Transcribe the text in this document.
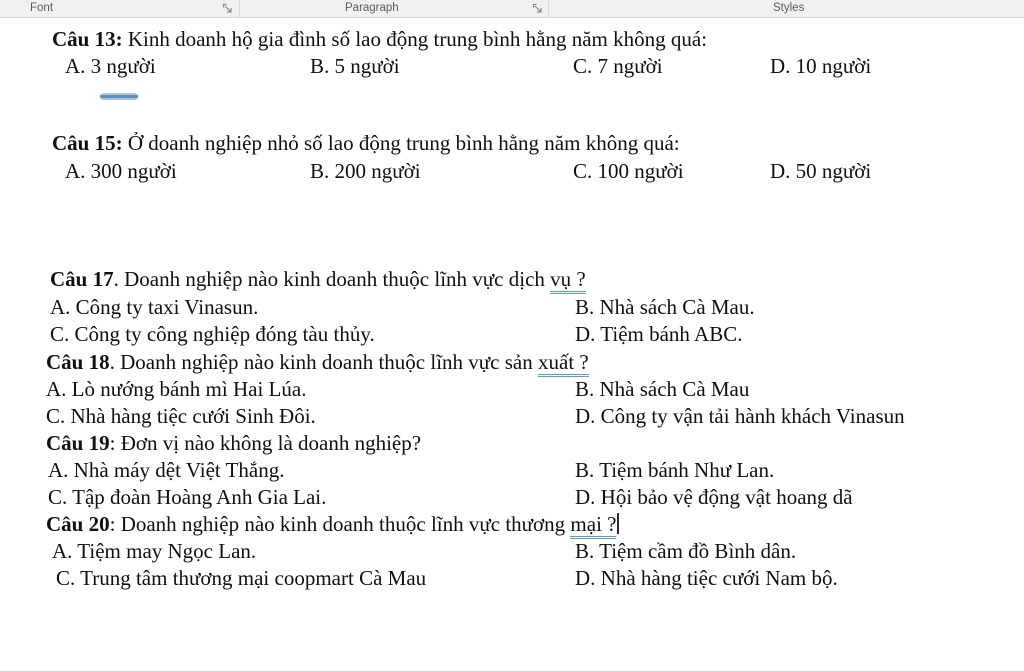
Font	Paragraph	Styles
Câu 13: Kinh doanh hộ gia đình số lao động trung bình hằng năm không quá:
A. 3 người	B. 5 người	C. 7 người	D. 10 người
Câu 15: Ở doanh nghiệp nhỏ số lao động trung bình hằng năm không quá:
A. 300 người	B. 200 người	C. 100 người	D. 50 người
Câu 17. Doanh nghiệp nào kinh doanh thuộc lĩnh vực dịch vụ ?
A. Công ty taxi Vinasun.	B. Nhà sách Cà Mau.
C. Công ty công nghiệp đóng tàu thủy.	D. Tiệm bánh ABC.
Câu 18. Doanh nghiệp nào kinh doanh thuộc lĩnh vực sản xuất ?
A. Lò nướng bánh mì Hai Lúa.	B. Nhà sách Cà Mau
C. Nhà hàng tiệc cưới Sinh Đôi.	D. Công ty vận tải hành khách Vinasun
Câu 19: Đơn vị nào không là doanh nghiệp?
A. Nhà máy dệt Việt Thắng.	B. Tiệm bánh Như Lan.
C. Tập đoàn Hoàng Anh Gia Lai.	D. Hội bảo vệ động vật hoang dã
Câu 20: Doanh nghiệp nào kinh doanh thuộc lĩnh vực thương mại ?
A. Tiệm may Ngọc Lan.	B. Tiệm cầm đồ Bình dân.
C. Trung tâm thương mại coopmart Cà Mau	D. Nhà hàng tiệc cưới Nam bộ.
